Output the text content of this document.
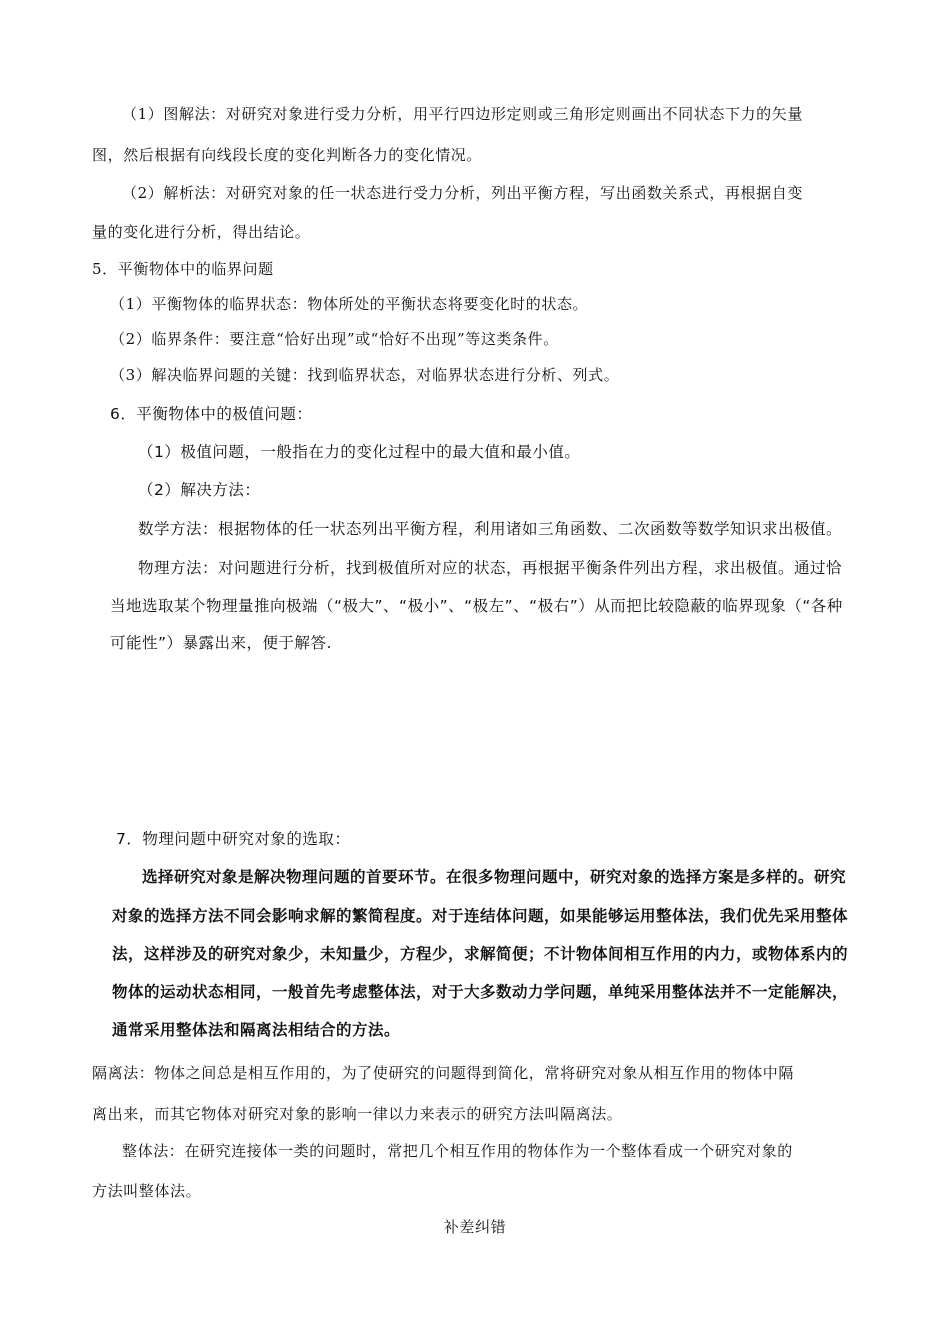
（1）图解法：对研究对象进行受力分析，用平行四边形定则或三角形定则画出不同状态下力的矢量

图，然后根据有向线段长度的变化判断各力的变化情况。

（2）解析法：对研究对象的任一状态进行受力分析，列出平衡方程，写出函数关系式，再根据自变

量的变化进行分析，得出结论。

5．平衡物体中的临界问题

（1）平衡物体的临界状态：物体所处的平衡状态将要变化时的状态。

（2）临界条件：要注意“恰好出现”或“恰好不出现”等这类条件。

（3）解决临界问题的关键：找到临界状态，对临界状态进行分析、列式。

6．平衡物体中的极值问题：

（1）极值问题，一般指在力的变化过程中的最大值和最小值。

（2）解决方法：

数学方法：根据物体的任一状态列出平衡方程，利用诸如三角函数、二次函数等数学知识求出极值。

物理方法：对问题进行分析，找到极值所对应的状态，再根据平衡条件列出方程，求出极值。通过恰

当地选取某个物理量推向极端（“极大”、“极小”、“极左”、“极右”）从而把比较隐蔽的临界现象（“各种

可能性”）暴露出来，便于解答.

7．物理问题中研究对象的选取：

选择研究对象是解决物理问题的首要环节。在很多物理问题中，研究对象的选择方案是多样的。研究

对象的选择方法不同会影响求解的繁简程度。对于连结体问题，如果能够运用整体法，我们优先采用整体

法，这样涉及的研究对象少，未知量少，方程少，求解简便；不计物体间相互作用的内力，或物体系内的

物体的运动状态相同，一般首先考虑整体法，对于大多数动力学问题，单纯采用整体法并不一定能解决，

通常采用整体法和隔离法相结合的方法。

隔离法：物体之间总是相互作用的，为了使研究的问题得到简化，常将研究对象从相互作用的物体中隔

离出来，而其它物体对研究对象的影响一律以力来表示的研究方法叫隔离法。

整体法：在研究连接体一类的问题时，常把几个相互作用的物体作为一个整体看成一个研究对象的

方法叫整体法。

补差纠错
